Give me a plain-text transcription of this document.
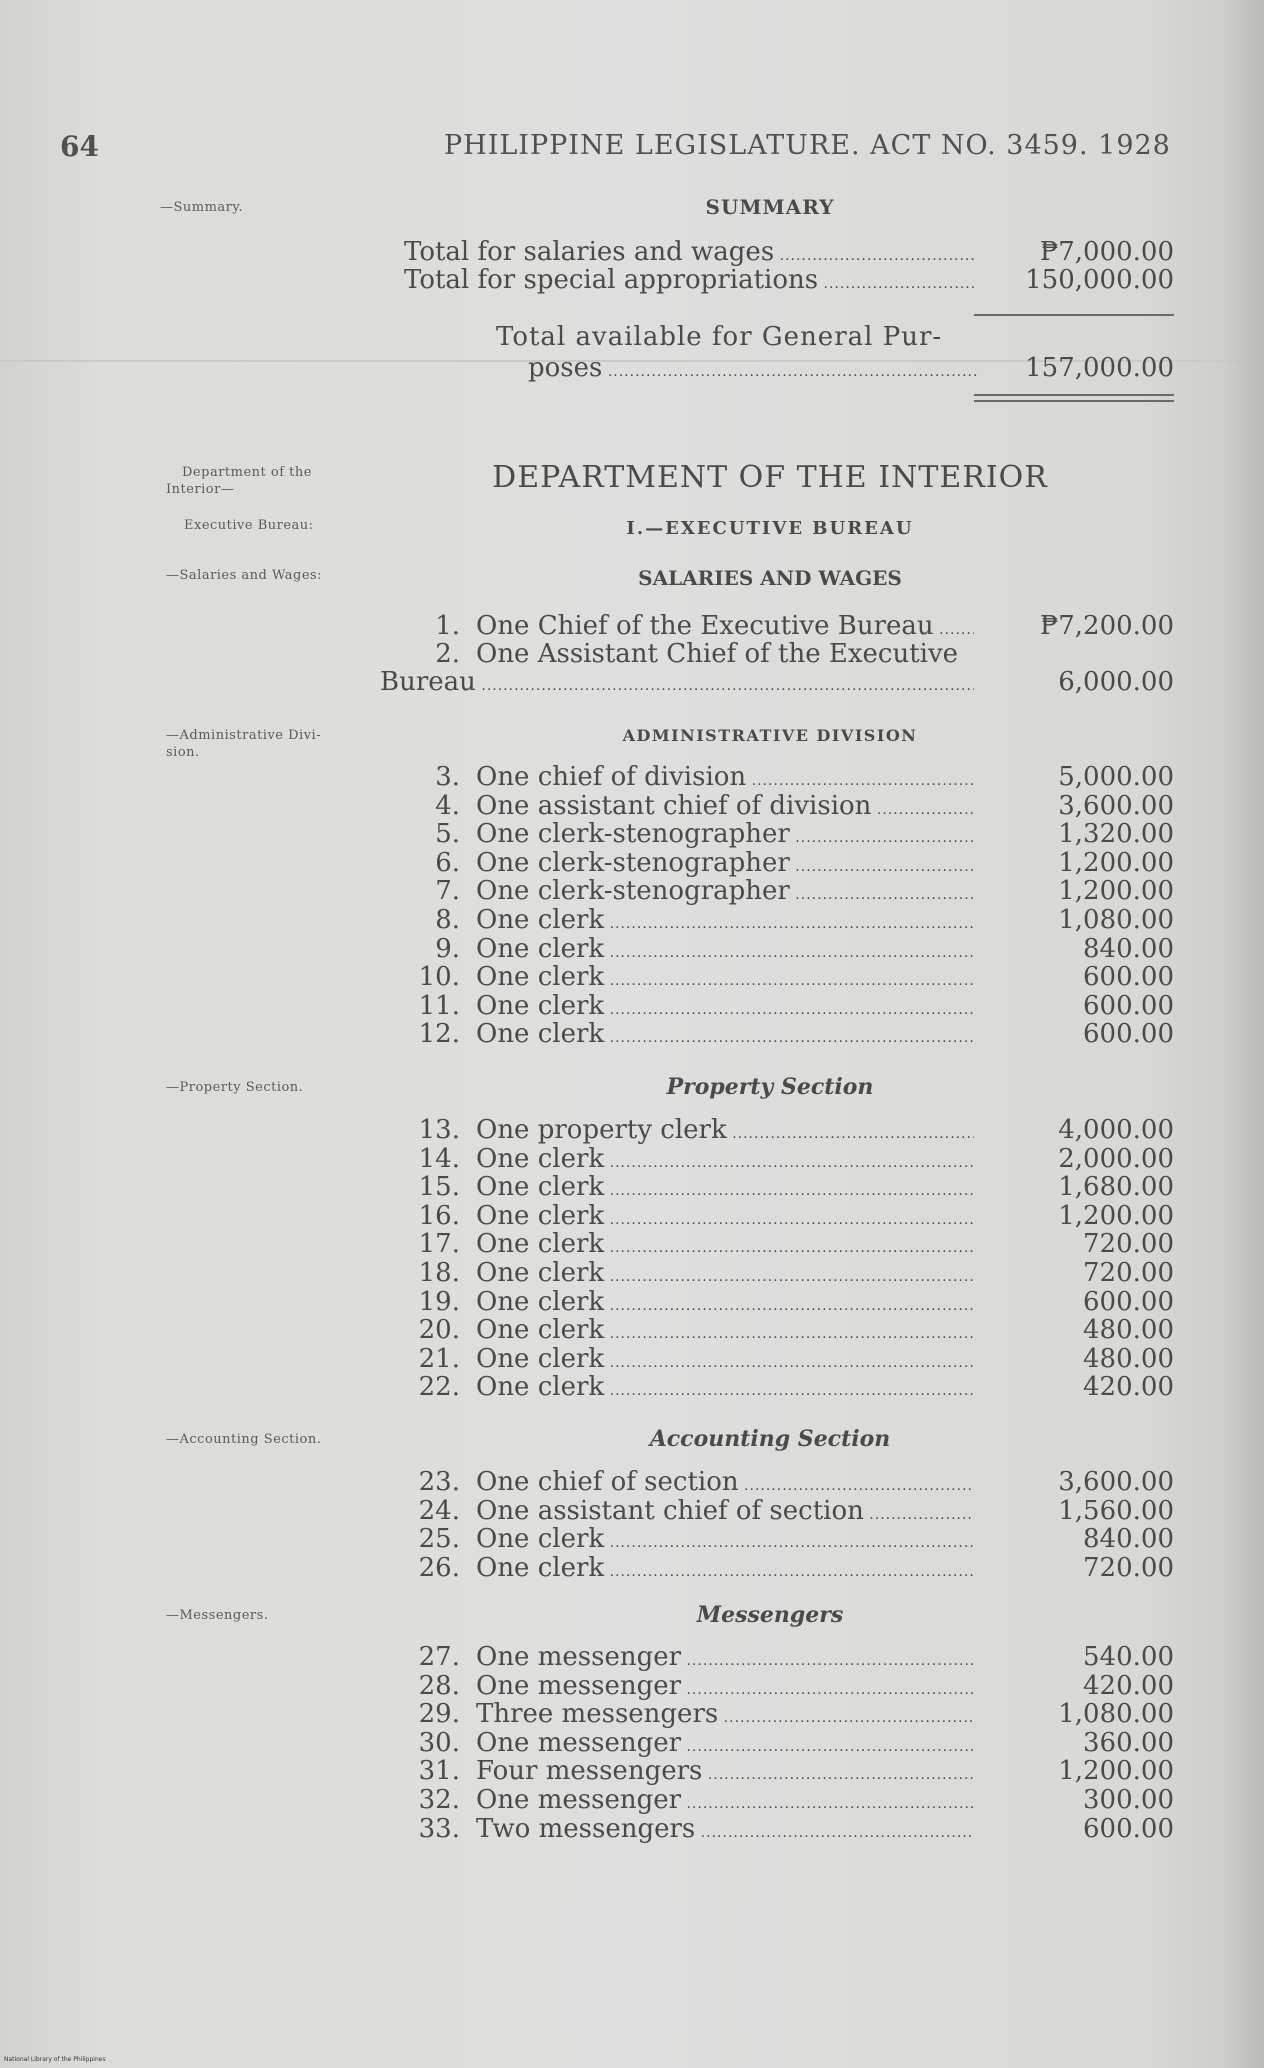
64	PHILIPPINE LEGISLATURE. ACT NO. 3459. 1928
—Summary.	SUMMARY
Total for salaries and wages .....	₱7,000.00
Total for special appropriations .....	150,000.00
Total available for General Pur-
poses .....	157,000.00
Department of the
Interior—	DEPARTMENT OF THE INTERIOR
Executive Bureau:	I.—EXECUTIVE BUREAU
—Salaries and Wages:	SALARIES AND WAGES
1. One Chief of the Executive Bureau .....	₱7,200.00
2. One Assistant Chief of the Executive
Bureau .....	6,000.00
—Administrative Divi-
sion.
ADMINISTRATIVE DIVISION
3. One chief of division .....	5,000.00
4. One assistant chief of division .....	3,600.00
5. One clerk-stenographer .....	1,320.00
6. One clerk-stenographer .....	1,200.00
7. One clerk-stenographer .....	1,200.00
8. One clerk .....	1,080.00
9. One clerk .....	840.00
10. One clerk .....	600.00
11. One clerk .....	600.00
12. One clerk .....	600.00
—Property Section.	Property Section
13. One property clerk .....	4,000.00
14. One clerk .....	2,000.00
15. One clerk .....	1,680.00
16. One clerk .....	1,200.00
17. One clerk .....	720.00
18. One clerk .....	720.00
19. One clerk .....	600.00
20. One clerk .....	480.00
21. One clerk .....	480.00
22. One clerk .....	420.00
—Accounting Section.	Accounting Section
23. One chief of section .....	3,600.00
24. One assistant chief of section .....	1,560.00
25. One clerk .....	840.00
26. One clerk .....	720.00
—Messengers.	Messengers
27. One messenger .....	540.00
28. One messenger .....	420.00
29. Three messengers .....	1,080.00
30. One messenger .....	360.00
31. Four messengers .....	1,200.00
32. One messenger .....	300.00
33. Two messengers .....	600.00
National Library of the Philippines
